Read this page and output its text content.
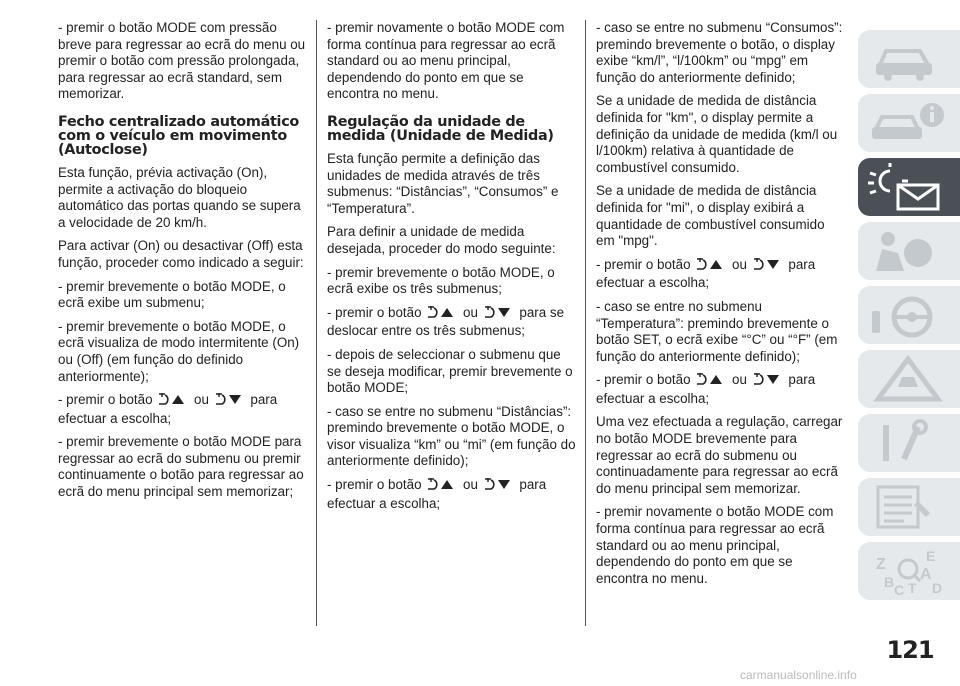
- premir o botão MODE com pressão breve para regressar ao ecrã do menu ou premir o botão com pressão prolongada, para regressar ao ecrã standard, sem memorizar.

Fecho centralizado automático com o veículo em movimento (Autoclose)

Esta função, prévia activação (On), permite a activação do bloqueio automático das portas quando se supera a velocidade de 20 km/h.

Para activar (On) ou desactivar (Off) esta função, proceder como indicado a seguir:

- premir brevemente o botão MODE, o ecrã exibe um submenu;

- premir brevemente o botão MODE, o ecrã visualiza de modo intermitente (On) ou (Off) (em função do definido anteriormente);

- premir o botão	ou	para efectuar a escolha;

- premir brevemente o botão MODE para regressar ao ecrã do submenu ou premir continuamente o botão para regressar ao ecrã do menu principal sem memorizar;

- premir novamente o botão MODE com forma contínua para regressar ao ecrã standard ou ao menu principal, dependendo do ponto em que se encontra no menu.

Regulação da unidade de medida (Unidade de Medida)

Esta função permite a definição das unidades de medida através de três submenus: “Distâncias”, “Consumos” e “Temperatura”.

Para definir a unidade de medida desejada, proceder do modo seguinte:

- premir brevemente o botão MODE, o ecrã exibe os três submenus;

- premir o botão	ou	para se deslocar entre os três submenus;

- depois de seleccionar o submenu que se deseja modificar, premir brevemente o botão MODE;

- caso se entre no submenu “Distâncias”: premindo brevemente o botão MODE, o visor visualiza “km” ou “mi” (em função do anteriormente definido);

- premir o botão	ou	para efectuar a escolha;

- caso se entre no submenu “Consumos”: premindo brevemente o botão, o display exibe “km/l”, “l/100km” ou “mpg” em função do anteriormente definido;

Se a unidade de medida de distância definida for "km", o display permite a definição da unidade de medida (km/l ou l/100km) relativa à quantidade de combustível consumido.

Se a unidade de medida de distância definida for "mi", o display exibirá a quantidade de combustível consumido em "mpg".

- premir o botão	ou	para efectuar a escolha;

- caso se entre no submenu “Temperatura”: premindo brevemente o botão SET, o ecrã exibe “°C” ou “°F” (em função do anteriormente definido);

- premir o botão	ou	para efectuar a escolha;

Uma vez efectuada a regulação, carregar no botão MODE brevemente para regressar ao ecrã do submenu ou continuadamente para regressar ao ecrã do menu principal sem memorizar.

- premir novamente o botão MODE com forma contínua para regressar ao ecrã standard ou ao menu principal, dependendo do ponto em que se encontra no menu.

Z	E
B A
C T D
121
carmanualsonline.info
